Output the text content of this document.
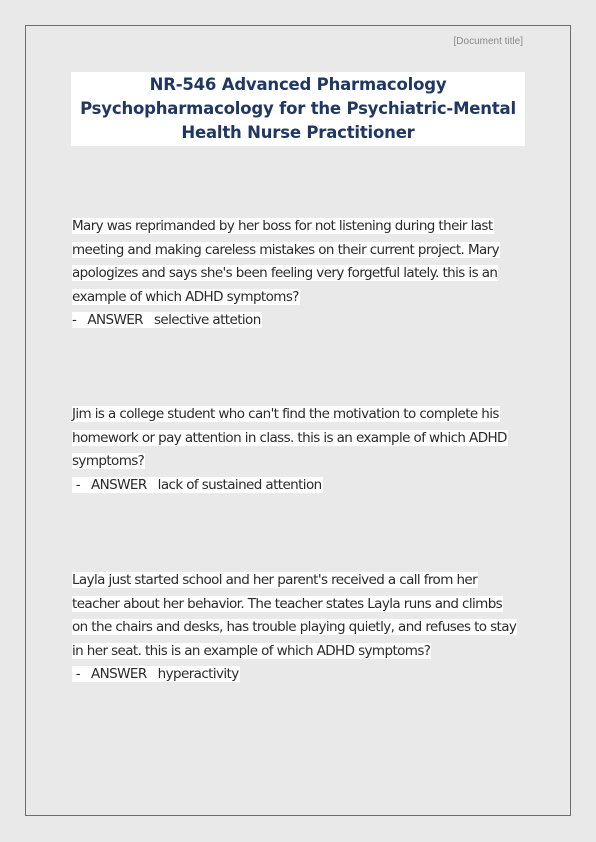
[Document title]
NR-546 Advanced Pharmacology
Psychopharmacology for the Psychiatric-Mental
Health Nurse Practitioner
Mary was reprimanded by her boss for not listening during their last
meeting and making careless mistakes on their current project. Mary
apologizes and says she's been feeling very forgetful lately. this is an
example of which ADHD symptoms?
-   ANSWER   selective attetion
Jim is a college student who can't find the motivation to complete his
homework or pay attention in class. this is an example of which ADHD
symptoms?
-   ANSWER   lack of sustained attention
Layla just started school and her parent's received a call from her
teacher about her behavior. The teacher states Layla runs and climbs
on the chairs and desks, has trouble playing quietly, and refuses to stay
in her seat. this is an example of which ADHD symptoms?
-   ANSWER   hyperactivity
